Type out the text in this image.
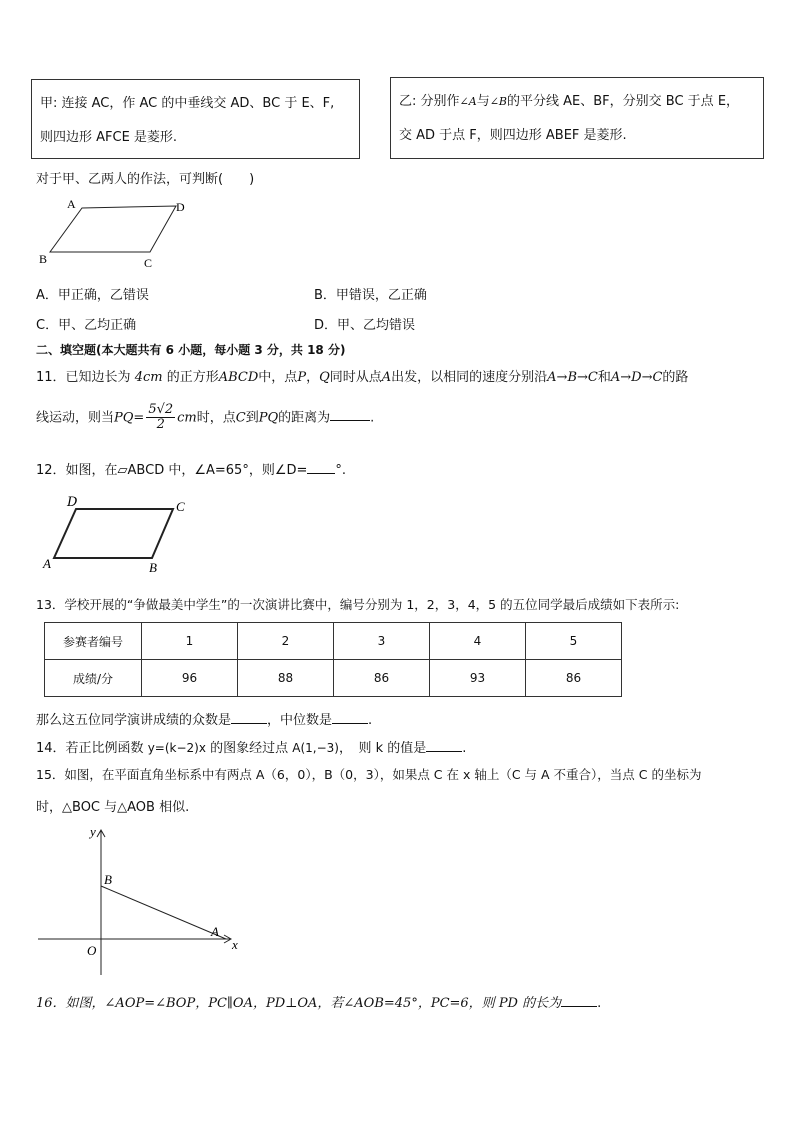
甲: 连接 AC，作 AC 的中垂线交 AD、BC 于 E、F,
则四边形 AFCE 是菱形.
乙: 分别作∠A与∠B的平分线 AE、BF，分别交 BC 于点 E，
交 AD 于点 F，则四边形 ABEF 是菱形.
对于甲、乙两人的作法，可判断(　　)
A	D
B	C
A．甲正确，乙错误	B．甲错误，乙正确
C．甲、乙均正确	D．甲、乙均错误
二、填空题(本大题共有 6 小题，每小题 3 分，共 18 分)
11．已知边长为 4cm 的正方形ABCD中，点P，Q同时从点A出发，以相同的速度分别沿A→B→C和A→D→C的路
线运动，则当$PQ= \frac{5√2}{2}$ cm时，点C到PQ的距离为	.
12．如图，在▱ABCD 中，∠A=65°，则∠D= °.
D	C
A	B
13．学校开展的“争做最美中学生”的一次演讲比赛中，编号分别为 1，2，3，4，5 的五位同学最后成绩如下表所示:
参赛者编号	1	2	3	4	5
成绩/分	96	88	86	93	86
那么这五位同学演讲成绩的众数是	，中位数是	.
14．若正比例函数 y=(k−2)x 的图象经过点 A(1,−3)，　则 k 的值是	.
15．如图，在平面直角坐标系中有两点 A（6，0），B（0，3），如果点 C 在 x 轴上（C 与 A 不重合），当点 C 的坐标为
时，△BOC 与△AOB 相似.
y
x
B
A
O
16．如图，∠AOP=∠BOP，PC∥OA，PD⊥OA，若∠AOB=45°，PC=6，则 PD 的长为	.
